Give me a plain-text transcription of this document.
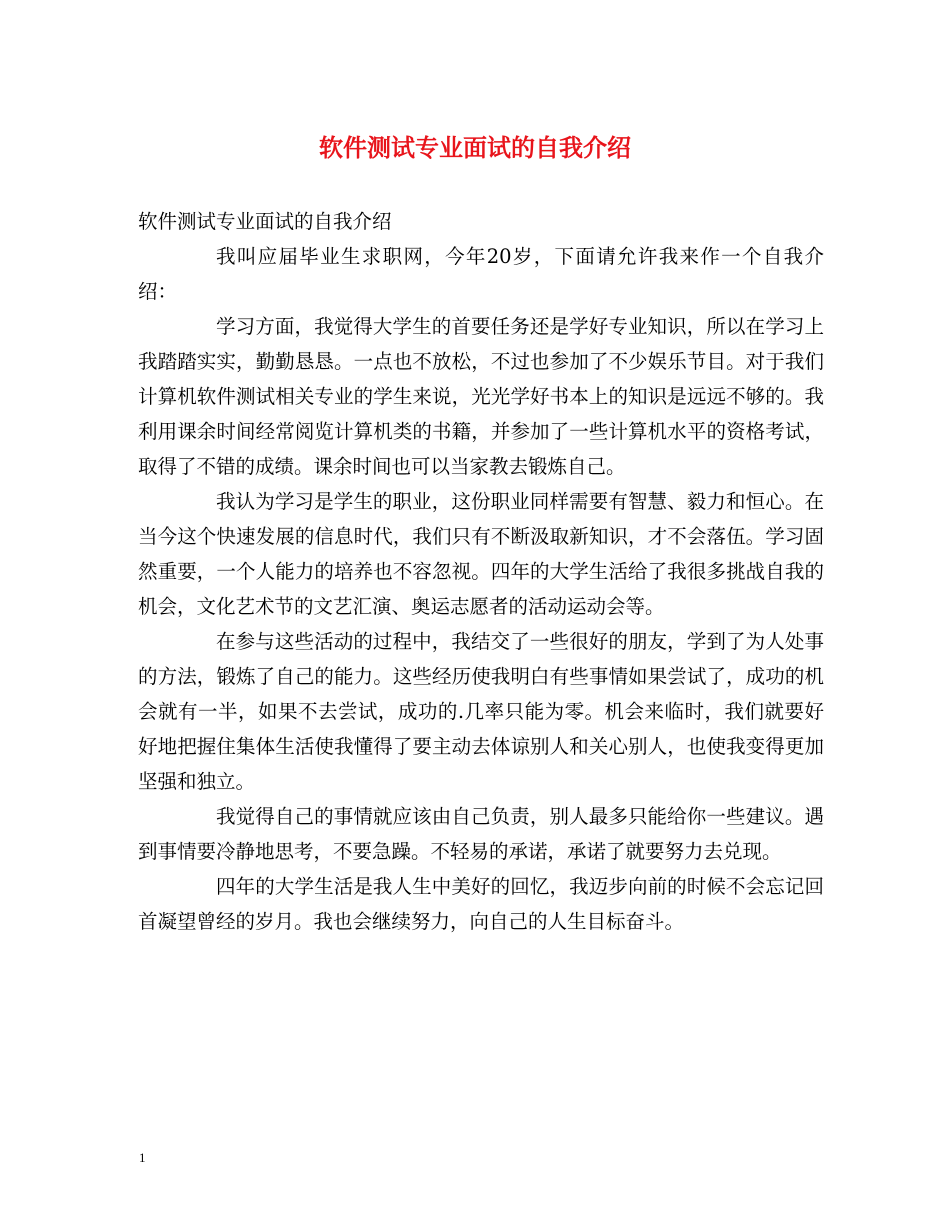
软件测试专业面试的自我介绍

软件测试专业面试的自我介绍

我叫应届毕业生求职网，今年20岁，下面请允许我来作一个自我介绍：

学习方面，我觉得大学生的首要任务还是学好专业知识，所以在学习上我踏踏实实，勤勤恳恳。一点也不放松，不过也参加了不少娱乐节目。对于我们计算机软件测试相关专业的学生来说，光光学好书本上的知识是远远不够的。我利用课余时间经常阅览计算机类的书籍，并参加了一些计算机水平的资格考试，取得了不错的成绩。课余时间也可以当家教去锻炼自己。

我认为学习是学生的职业，这份职业同样需要有智慧、毅力和恒心。在当今这个快速发展的信息时代，我们只有不断汲取新知识，才不会落伍。学习固然重要，一个人能力的培养也不容忽视。四年的大学生活给了我很多挑战自我的机会，文化艺术节的文艺汇演、奥运志愿者的活动运动会等。

在参与这些活动的过程中，我结交了一些很好的朋友，学到了为人处事的方法，锻炼了自己的能力。这些经历使我明白有些事情如果尝试了，成功的机会就有一半，如果不去尝试，成功的.几率只能为零。机会来临时，我们就要好好地把握住集体生活使我懂得了要主动去体谅别人和关心别人，也使我变得更加坚强和独立。

我觉得自己的事情就应该由自己负责，别人最多只能给你一些建议。遇到事情要冷静地思考，不要急躁。不轻易的承诺，承诺了就要努力去兑现。

四年的大学生活是我人生中美好的回忆，我迈步向前的时候不会忘记回首凝望曾经的岁月。我也会继续努力，向自己的人生目标奋斗。

1
